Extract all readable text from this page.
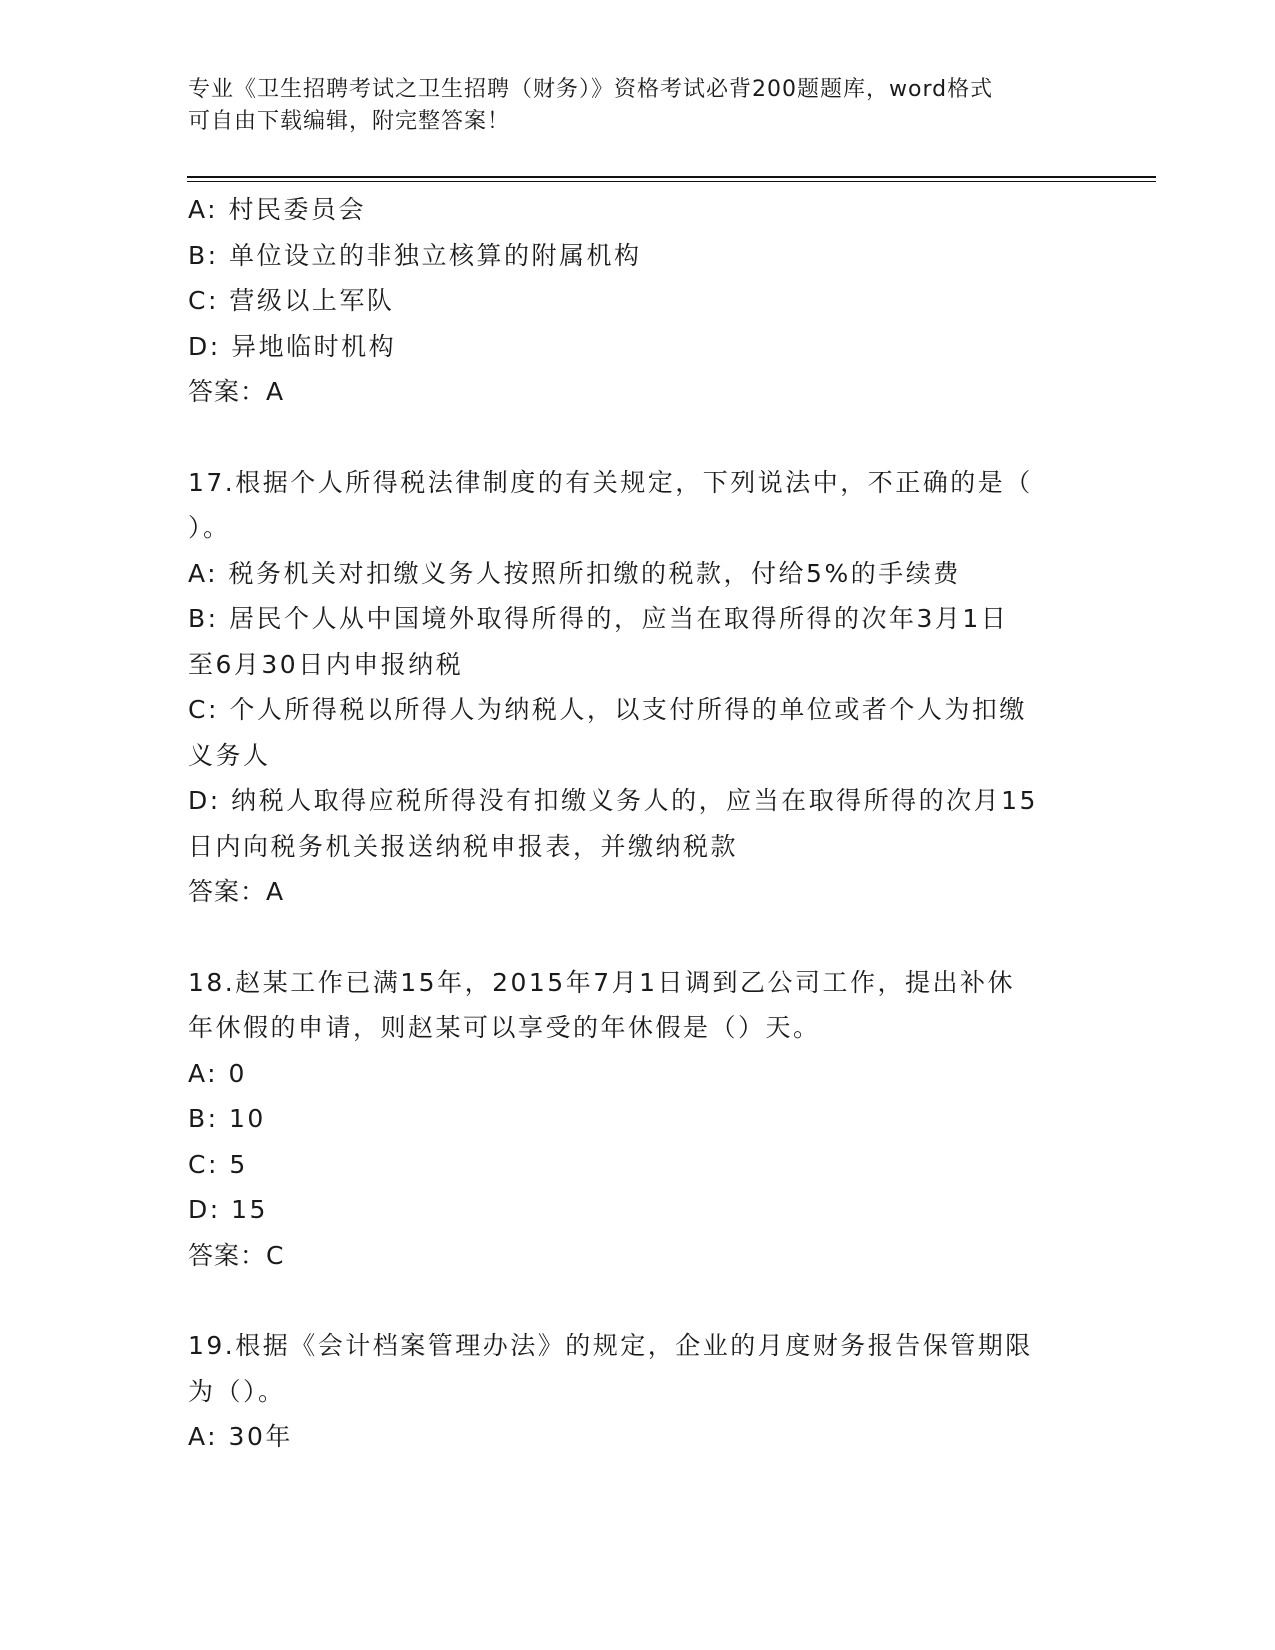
专业《卫生招聘考试之卫生招聘（财务）》资格考试必背200题题库，word格式
可自由下载编辑，附完整答案！
A: 村民委员会
B: 单位设立的非独立核算的附属机构
C: 营级以上军队
D: 异地临时机构
答案：A
17.根据个人所得税法律制度的有关规定，下列说法中，不正确的是（
）。
A: 税务机关对扣缴义务人按照所扣缴的税款，付给5%的手续费
B: 居民个人从中国境外取得所得的，应当在取得所得的次年3月1日
至6月30日内申报纳税
C: 个人所得税以所得人为纳税人，以支付所得的单位或者个人为扣缴
义务人
D: 纳税人取得应税所得没有扣缴义务人的，应当在取得所得的次月15
日内向税务机关报送纳税申报表，并缴纳税款
答案：A
18.赵某工作已满15年，2015年7月1日调到乙公司工作，提出补休
年休假的申请，则赵某可以享受的年休假是（）天。
A: 0
B: 10
C: 5
D: 15
答案：C
19.根据《会计档案管理办法》的规定，企业的月度财务报告保管期限
为（）。
A: 30年
